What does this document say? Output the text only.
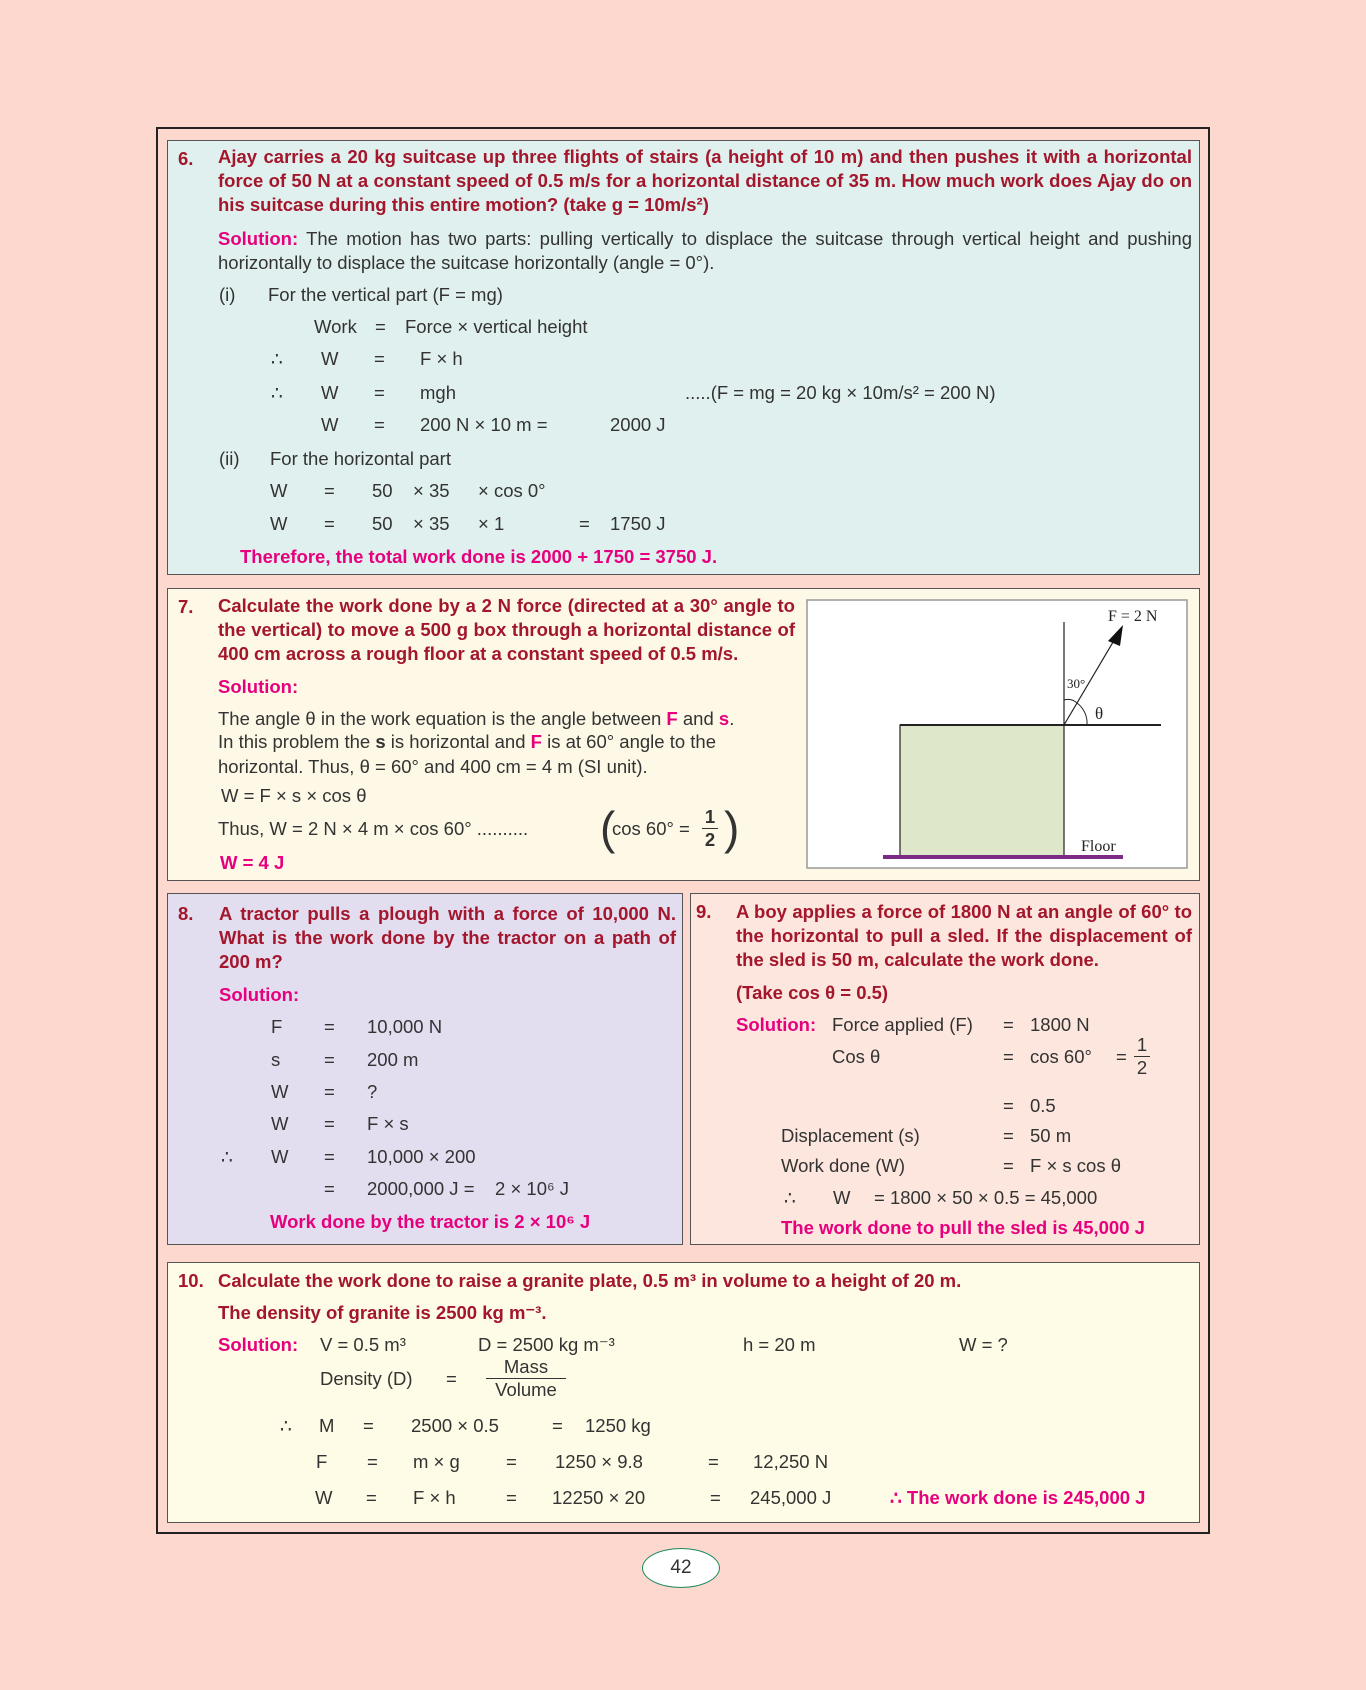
6. Ajay carries a 20 kg suitcase up three flights of stairs (a height of 10 m) and then pushes it with a horizontal force of 50 N at a constant speed of 0.5 m/s for a horizontal distance of 35 m. How much work does Ajay do on his suitcase during this entire motion? (take g = 10m/s²)
Solution: The motion has two parts: pulling vertically to displace the suitcase through vertical height and pushing horizontally to displace the suitcase horizontally (angle = 0°).
(i) For the vertical part (F = mg)
Work = Force × vertical height
∴ W = F × h
∴ W = mgh	.....(F = mg = 20 kg × 10m/s² = 200 N)
W = 200 N × 10 m =	2000 J
(ii) For the horizontal part
W = 50 × 35 × cos 0°
W = 50 × 35 × 1	= 1750 J
Therefore, the total work done is 2000 + 1750 = 3750 J.
7. Calculate the work done by a 2 N force (directed at a 30° angle to the vertical) to move a 500 g box through a horizontal distance of 400 cm across a rough floor at a constant speed of 0.5 m/s.
Solution:
The angle θ in the work equation is the angle between F and s.
In this problem the s is horizontal and F is at 60° angle to the
horizontal. Thus, θ = 60° and 400 cm = 4 m (SI unit).
W = F × s × cos θ
Thus, W = 2 N × 4 m × cos 60° .......... (
$\cos 60^\circ = \frac{1}{2}$ )
W = 4 J
F = 2 N
30°
θ
Floor
8. A tractor pulls a plough with a force of 10,000 N. What is the work done by the tractor on a path of 200 m?
Solution:
F = 10,000 N
s = 200 m
W = ?
W = F × s
∴ W = 10,000 × 200
= 2000,000 J =    2 × 10⁶ J
Work done by the tractor is 2 × 10⁶ J
9. A boy applies a force of 1800 N at an angle of 60° to the horizontal to pull a sled. If the displacement of the sled is 50 m, calculate the work done.
(Take cos θ = 0.5)
Solution: Force applied (F) = 1800 N
Cos θ	= $\cos 60^\circ = \frac{1}{2}$
= 0.5
Displacement (s)	= 50 m
Work done (W)	= F × s cos θ
∴ W = 1800 × 50 × 0.5 = 45,000
The work done to pull the sled is 45,000 J
10. Calculate the work done to raise a granite plate, 0.5 m³ in volume to a height of 20 m.
The density of granite is 2500 kg m⁻³.
Solution: V = 0.5 m³	D = 2500 kg m⁻³	h = 20 m	W = ?
Density (D) =
Mass
Volume
∴ M = 2500 × 0.5	= 1250 kg
F = m × g = 1250 × 9.8	= 12,250 N
W = F × h	= 12250 × 20	= 245,000 J	∴ The work done is 245,000 J
42
